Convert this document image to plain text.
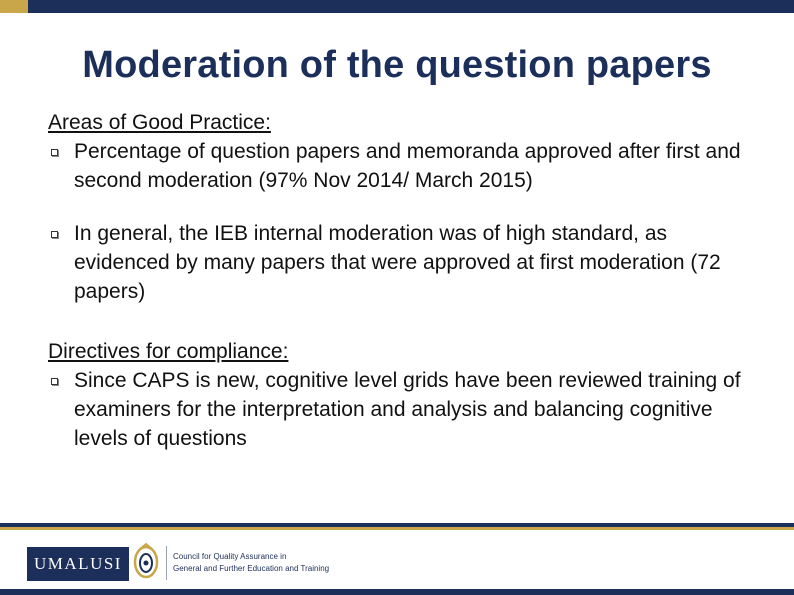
Moderation of the question papers
Areas of Good Practice:
Percentage of question papers and memoranda approved after first and second moderation (97% Nov 2014/ March 2015)
In general, the IEB internal moderation was of high standard, as evidenced by many papers that were approved at first moderation (72 papers)
Directives for compliance:
Since CAPS is new, cognitive level grids have been reviewed training of examiners for the interpretation and analysis and balancing cognitive levels of questions
UMALUSI	Council for Quality Assurance in
General and Further Education and Training
